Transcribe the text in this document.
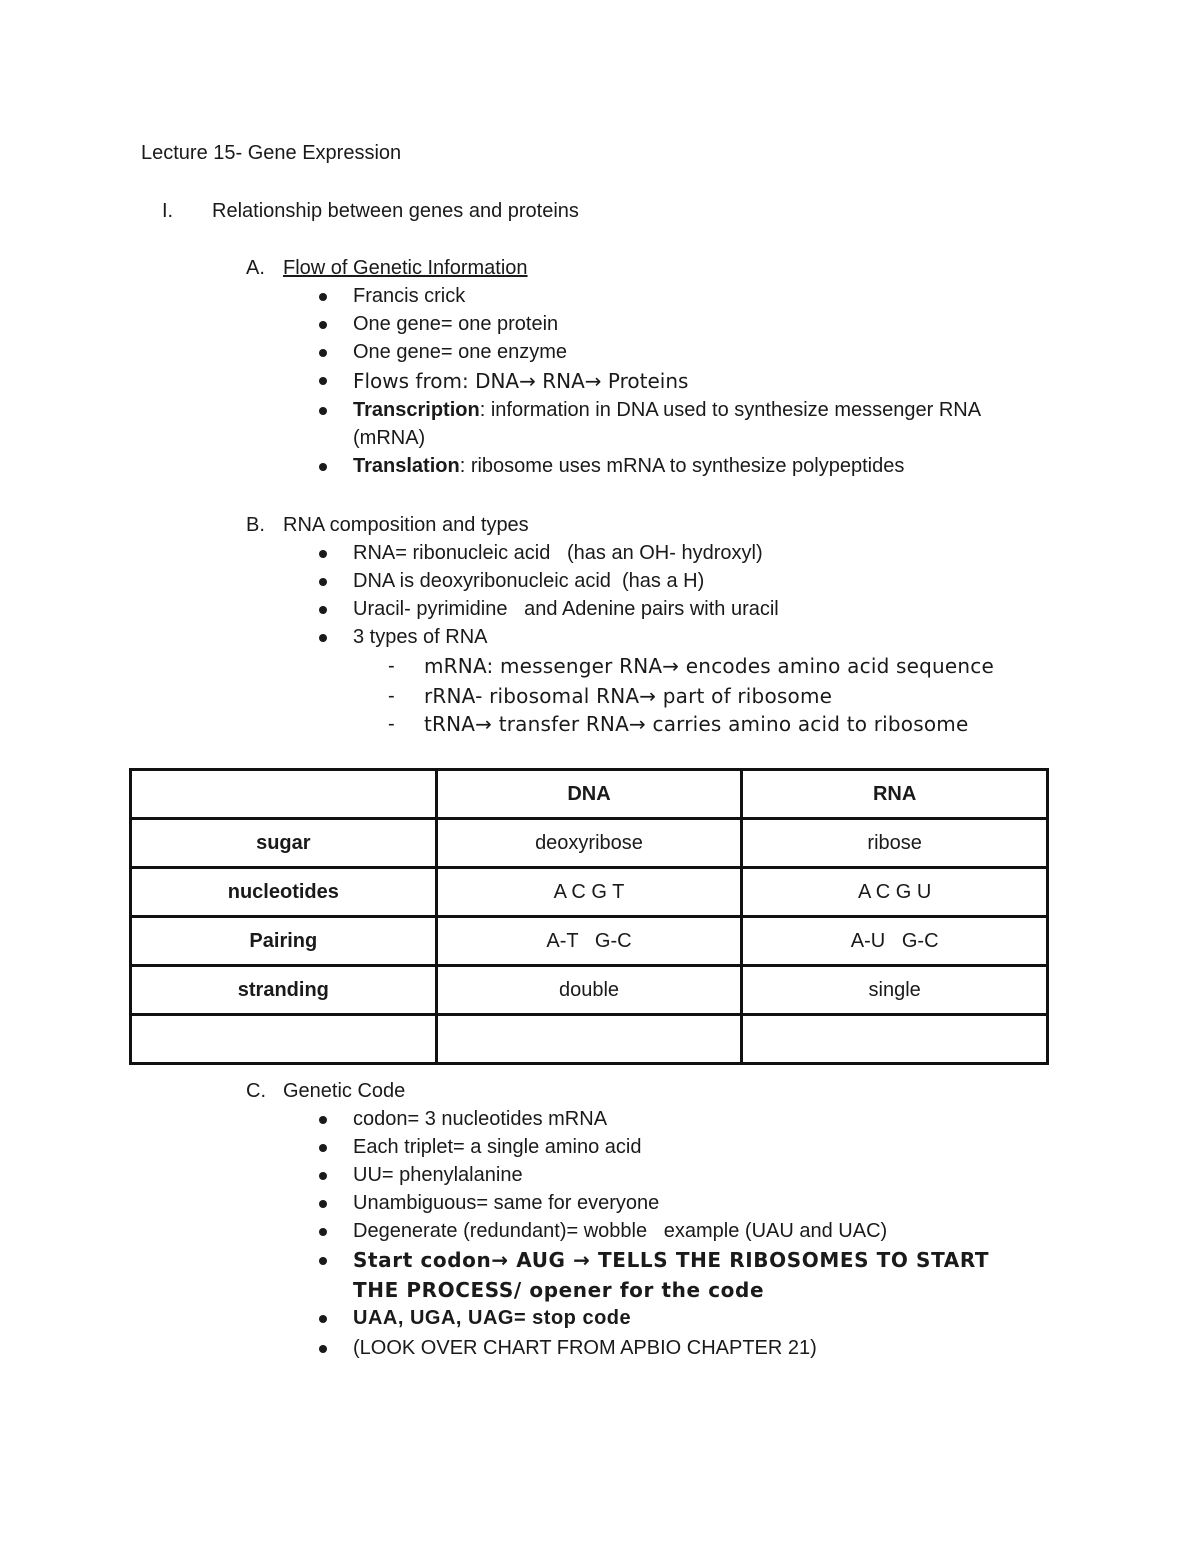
Lecture 15- Gene Expression
I. Relationship between genes and proteins
A. Flow of Genetic Information
Francis crick
One gene= one protein
One gene= one enzyme
Flows from: DNA→ RNA→ Proteins
Transcription: information in DNA used to synthesize messenger RNA
(mRNA)
Translation: ribosome uses mRNA to synthesize polypeptides
B. RNA composition and types
RNA= ribonucleic acid   (has an OH- hydroxyl)
DNA is deoxyribonucleic acid  (has a H)
Uracil- pyrimidine   and Adenine pairs with uracil
3 types of RNA
- mRNA: messenger RNA→ encodes amino acid sequence
- rRNA- ribosomal RNA→ part of ribosome
- tRNA→ transfer RNA→ carries amino acid to ribosome
	DNA	RNA
sugar	deoxyribose	ribose
nucleotides	A C G T	A C G U
Pairing	A-T   G-C	A-U   G-C
stranding	double	single

C. Genetic Code
codon= 3 nucleotides mRNA
Each triplet= a single amino acid
UU= phenylalanine
Unambiguous= same for everyone
Degenerate (redundant)= wobble   example (UAU and UAC)
Start codon→ AUG → TELLS THE RIBOSOMES TO START
THE PROCESS/ opener for the code
UAA, UGA, UAG= stop code
(LOOK OVER CHART FROM APBIO CHAPTER 21)
